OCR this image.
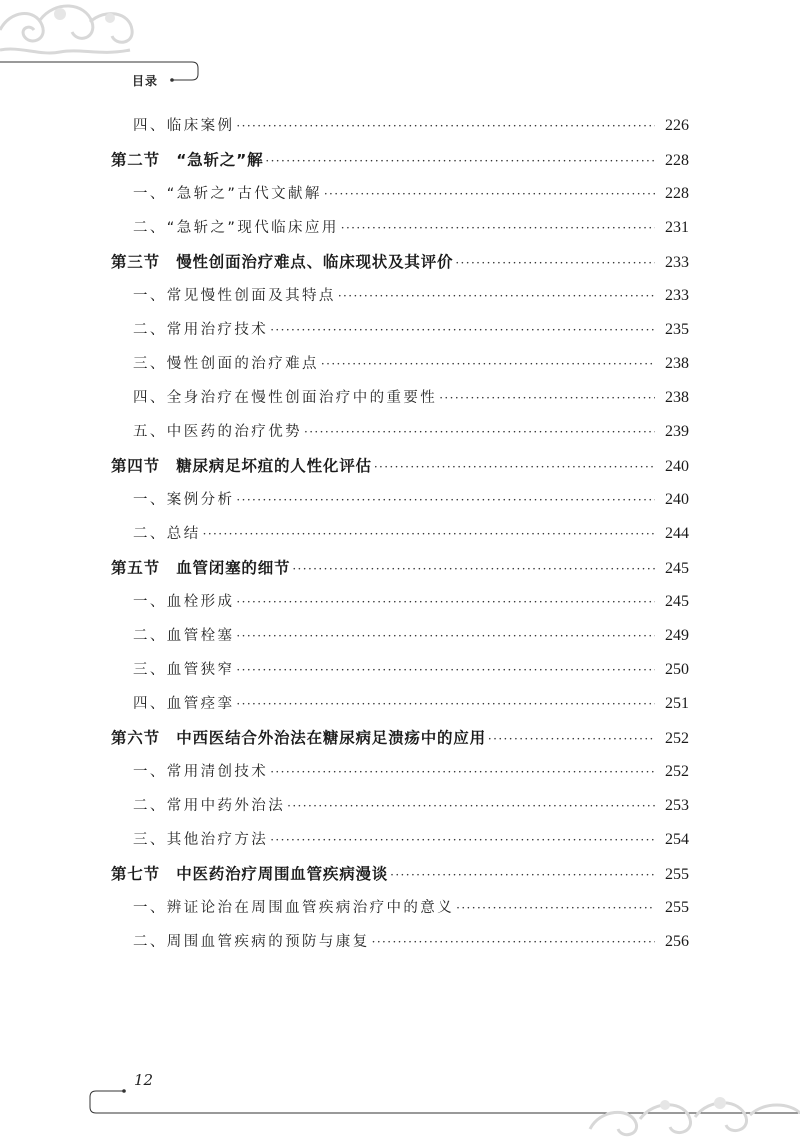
目录
四、临床案例 ·····	226
第二节　“急斩之”解 ·····	228
一、“急斩之”古代文献解 ·····	228
二、“急斩之”现代临床应用 ·····	231
第三节　慢性创面治疗难点、临床现状及其评价 ·····	233
一、常见慢性创面及其特点 ·····	233
二、常用治疗技术 ·····	235
三、慢性创面的治疗难点 ·····	238
四、全身治疗在慢性创面治疗中的重要性 ·····	238
五、中医药的治疗优势 ·····	239
第四节　糖尿病足坏疽的人性化评估 ·····	240
一、案例分析 ·····	240
二、总结 ·····	244
第五节　血管闭塞的细节 ·····	245
一、血栓形成 ·····	245
二、血管栓塞 ·····	249
三、血管狭窄 ·····	250
四、血管痉挛 ·····	251
第六节　中西医结合外治法在糖尿病足溃疡中的应用 ·····	252
一、常用清创技术 ·····	252
二、常用中药外治法 ·····	253
三、其他治疗方法 ·····	254
第七节　中医药治疗周围血管疾病漫谈 ·····	255
一、辨证论治在周围血管疾病治疗中的意义 ·····	255
二、周围血管疾病的预防与康复 ·····	256
12
